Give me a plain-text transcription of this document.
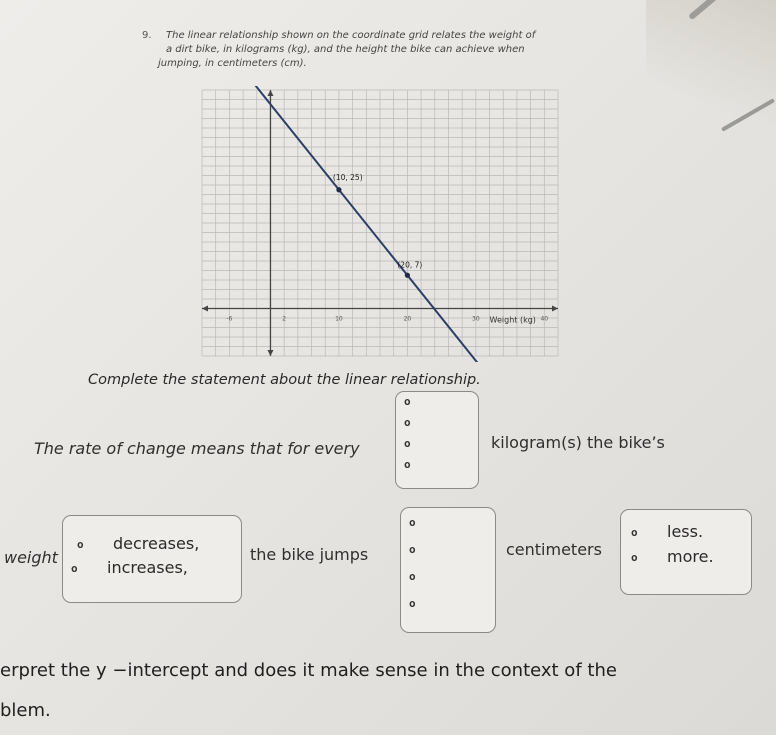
9. The linear relationship shown on the coordinate grid relates the weight of
a dirt bike, in kilograms (kg), and the height the bike can achieve when
jumping, in centimeters (cm).
-6	2	10	20	30	40
(10, 25)
(20, 7)
Weight (kg)
Complete the statement about the linear relationship.
The rate of change means that for every
o
o
o
o
kilogram(s) the bike’s
weight
o decreases,
o increases,
the bike jumps
o
o
o
o
centimeters
o less.
o more.
erpret the y −intercept and does it make sense in the context of the
blem.
